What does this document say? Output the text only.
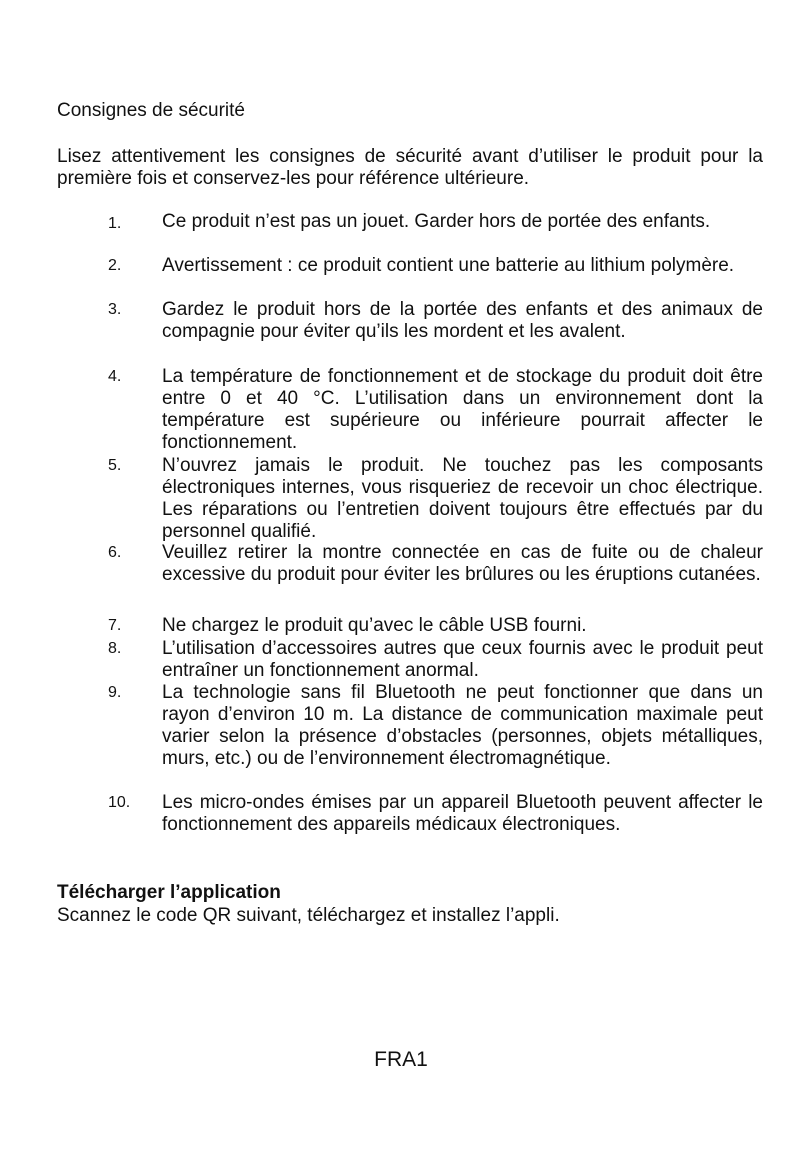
Consignes de sécurité
Lisez attentivement les consignes de sécurité avant d’utiliser le produit pour la première fois et conservez-les pour référence ultérieure.
1. Ce produit n’est pas un jouet. Garder hors de portée des enfants.
2. Avertissement : ce produit contient une batterie au lithium polymère.
3. Gardez le produit hors de la portée des enfants et des animaux de compagnie pour éviter qu’ils les mordent et les avalent.
4. La température de fonctionnement et de stockage du produit doit être entre 0 et 40 °C. L’utilisation dans un environnement dont la température est supérieure ou inférieure pourrait affecter le fonctionnement.
5. N’ouvrez jamais le produit. Ne touchez pas les composants électroniques internes, vous risqueriez de recevoir un choc électrique. Les réparations ou l’entretien doivent toujours être effectués par du personnel qualifié.
6. Veuillez retirer la montre connectée en cas de fuite ou de chaleur excessive du produit pour éviter les brûlures ou les éruptions cutanées.
7. Ne chargez le produit qu’avec le câble USB fourni.
8. L’utilisation d’accessoires autres que ceux fournis avec le produit peut entraîner un fonctionnement anormal.
9. La technologie sans fil Bluetooth ne peut fonctionner que dans un rayon d’environ 10 m. La distance de communication maximale peut varier selon la présence d’obstacles (personnes, objets métalliques, murs, etc.) ou de l’environnement électromagnétique.
10. Les micro-ondes émises par un appareil Bluetooth peuvent affecter le fonctionnement des appareils médicaux électroniques.
Télécharger l’application
Scannez le code QR suivant, téléchargez et installez l’appli.
FRA1
